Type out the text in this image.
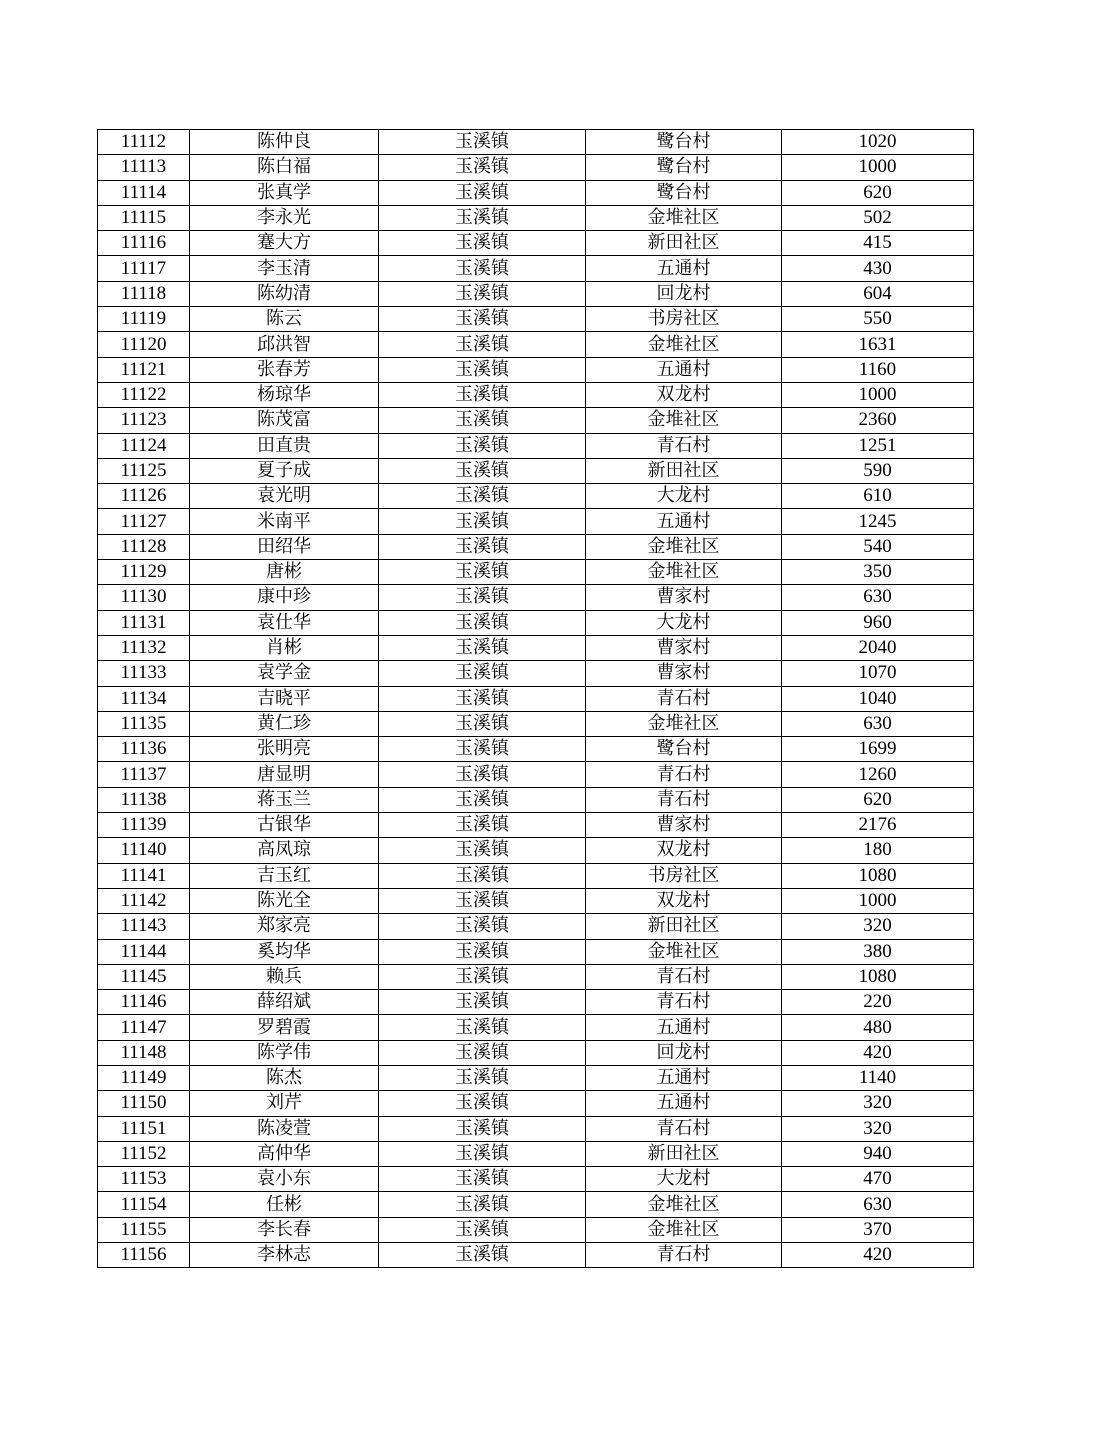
11112	陈仲良	玉溪镇	鹭台村	1020
11113	陈白福	玉溪镇	鹭台村	1000
11114	张真学	玉溪镇	鹭台村	620
11115	李永光	玉溪镇	金堆社区	502
11116	蹇大方	玉溪镇	新田社区	415
11117	李玉清	玉溪镇	五通村	430
11118	陈幼清	玉溪镇	回龙村	604
11119	陈云	玉溪镇	书房社区	550
11120	邱洪智	玉溪镇	金堆社区	1631
11121	张春芳	玉溪镇	五通村	1160
11122	杨琼华	玉溪镇	双龙村	1000
11123	陈茂富	玉溪镇	金堆社区	2360
11124	田直贵	玉溪镇	青石村	1251
11125	夏子成	玉溪镇	新田社区	590
11126	袁光明	玉溪镇	大龙村	610
11127	米南平	玉溪镇	五通村	1245
11128	田绍华	玉溪镇	金堆社区	540
11129	唐彬	玉溪镇	金堆社区	350
11130	康中珍	玉溪镇	曹家村	630
11131	袁仕华	玉溪镇	大龙村	960
11132	肖彬	玉溪镇	曹家村	2040
11133	袁学金	玉溪镇	曹家村	1070
11134	吉晓平	玉溪镇	青石村	1040
11135	黄仁珍	玉溪镇	金堆社区	630
11136	张明亮	玉溪镇	鹭台村	1699
11137	唐显明	玉溪镇	青石村	1260
11138	蒋玉兰	玉溪镇	青石村	620
11139	古银华	玉溪镇	曹家村	2176
11140	高凤琼	玉溪镇	双龙村	180
11141	吉玉红	玉溪镇	书房社区	1080
11142	陈光全	玉溪镇	双龙村	1000
11143	郑家亮	玉溪镇	新田社区	320
11144	奚均华	玉溪镇	金堆社区	380
11145	赖兵	玉溪镇	青石村	1080
11146	薛绍斌	玉溪镇	青石村	220
11147	罗碧霞	玉溪镇	五通村	480
11148	陈学伟	玉溪镇	回龙村	420
11149	陈杰	玉溪镇	五通村	1140
11150	刘芹	玉溪镇	五通村	320
11151	陈凌萱	玉溪镇	青石村	320
11152	高仲华	玉溪镇	新田社区	940
11153	袁小东	玉溪镇	大龙村	470
11154	任彬	玉溪镇	金堆社区	630
11155	李长春	玉溪镇	金堆社区	370
11156	李林志	玉溪镇	青石村	420
